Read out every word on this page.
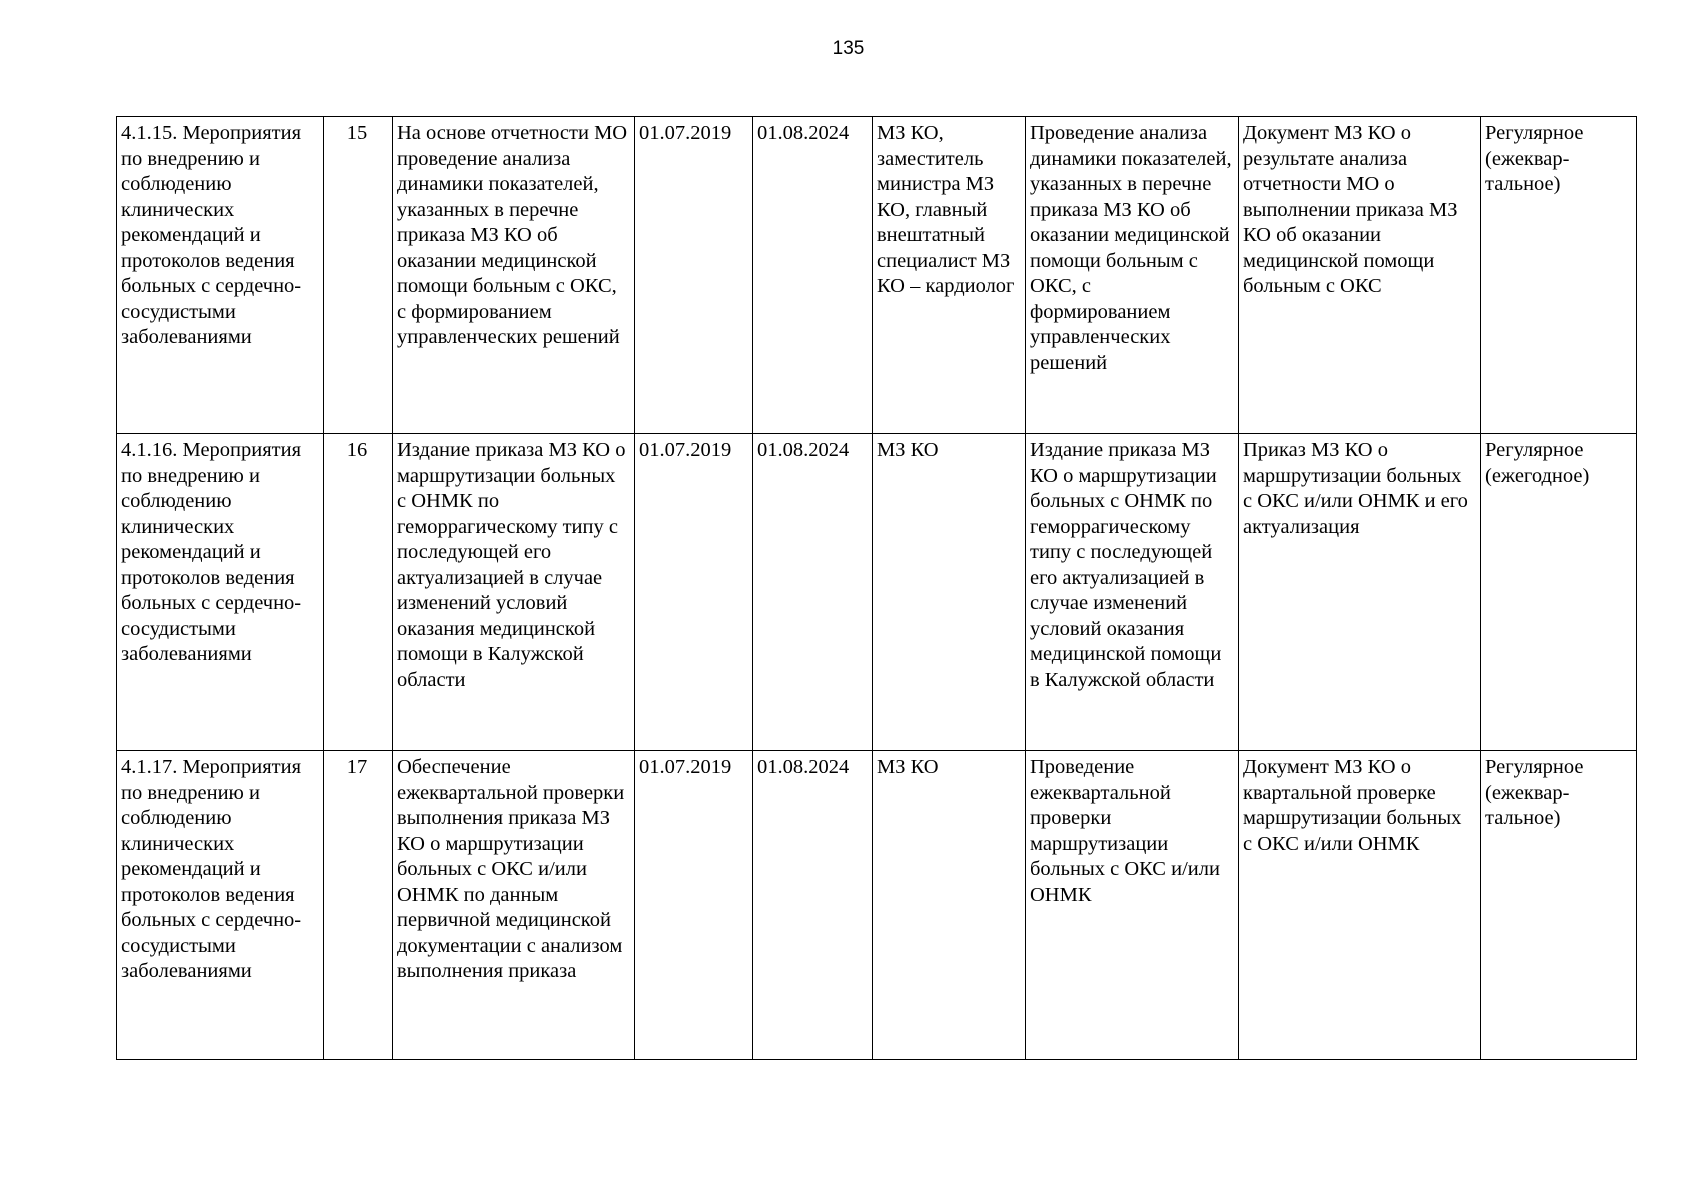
135
4.1.15. Мероприятия по внедрению и соблюдению клинических рекомендаций и протоколов ведения больных с сердечно-сосудистыми заболеваниями	15	На основе отчетности МО проведение анализа динамики показателей, указанных в перечне приказа МЗ КО об оказании медицинской помощи больным с ОКС, с формированием управленческих решений	01.07.2019	01.08.2024	МЗ КО, заместитель министра МЗ КО, главный внештатный специалист МЗ КО – кардиолог	Проведение анализа динамики показателей, указанных в перечне приказа МЗ КО об оказании медицинской помощи больным с ОКС, с формированием управленческих решений	Документ МЗ КО о результате анализа отчетности МО о выполнении приказа МЗ КО об оказании медицинской помощи больным с ОКС	Регулярное (ежеквар-тальное)
4.1.16. Мероприятия по внедрению и соблюдению клинических рекомендаций и протоколов ведения больных с сердечно-сосудистыми заболеваниями	16	Издание приказа МЗ КО о маршрутизации больных с ОНМК по геморрагическому типу с последующей его актуализацией в случае изменений условий оказания медицинской помощи в Калужской области	01.07.2019	01.08.2024	МЗ КО	Издание приказа МЗ КО о маршрутизации больных с ОНМК по геморрагическому типу с последующей его актуализацией в случае изменений условий оказания медицинской помощи в Калужской области	Приказ МЗ КО о маршрутизации больных с ОКС и/или ОНМК и его актуализация	Регулярное (ежегодное)
4.1.17. Мероприятия по внедрению и соблюдению клинических рекомендаций и протоколов ведения больных с сердечно-сосудистыми заболеваниями	17	Обеспечение ежеквартальной проверки выполнения приказа МЗ КО о маршрутизации больных с ОКС и/или ОНМК по данным первичной медицинской документации с анализом выполнения приказа	01.07.2019	01.08.2024	МЗ КО	Проведение ежеквартальной проверки маршрутизации больных с ОКС и/или ОНМК	Документ МЗ КО о квартальной проверке маршрутизации больных с ОКС и/или ОНМК	Регулярное (ежеквар-тальное)
